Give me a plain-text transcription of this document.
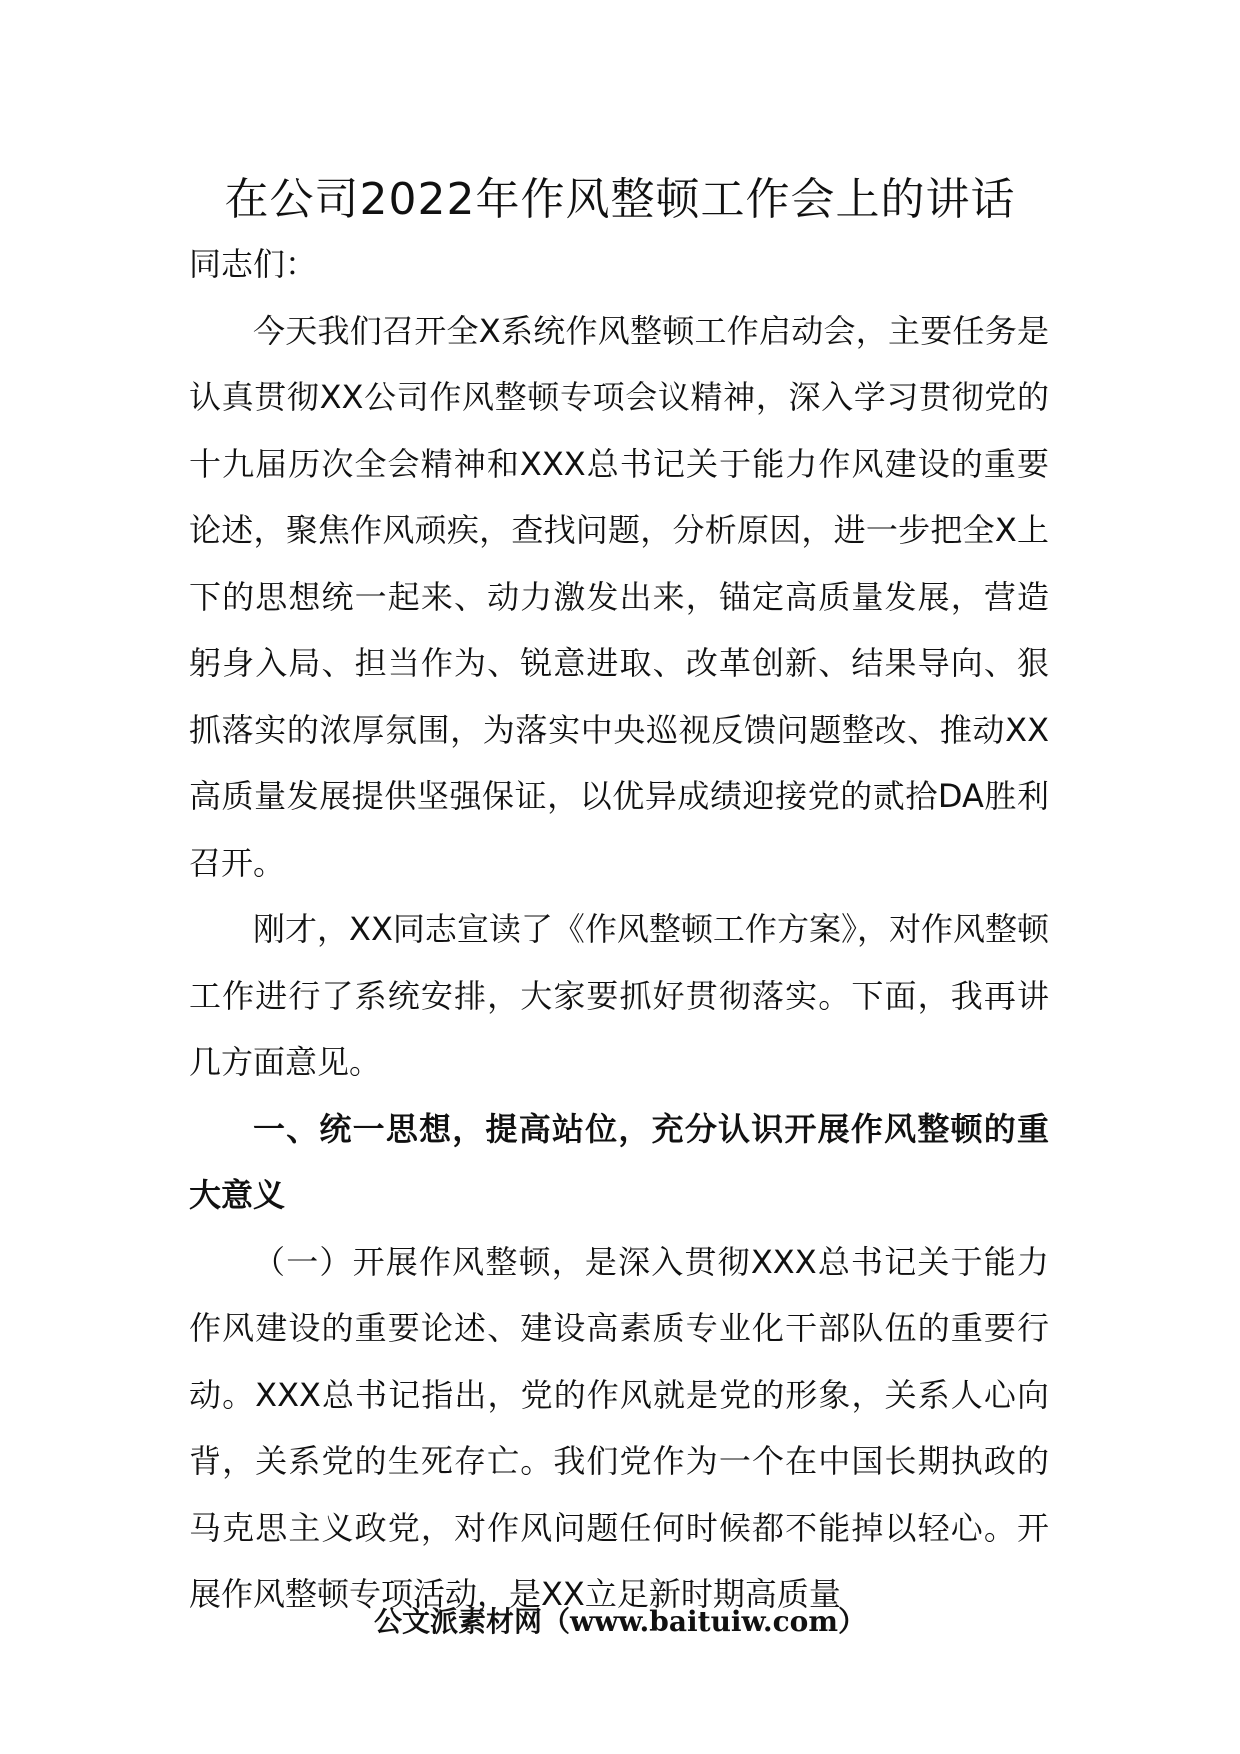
在公司2022年作风整顿工作会上的讲话

同志们：

今天我们召开全X系统作风整顿工作启动会，主要任务是认真贯彻XX公司作风整顿专项会议精神，深入学习贯彻党的十九届历次全会精神和XXX总书记关于能力作风建设的重要论述，聚焦作风顽疾，查找问题，分析原因，进一步把全X上下的思想统一起来、动力激发出来，锚定高质量发展，营造躬身入局、担当作为、锐意进取、改革创新、结果导向、狠抓落实的浓厚氛围，为落实中央巡视反馈问题整改、推动XX高质量发展提供坚强保证，以优异成绩迎接党的贰拾DA胜利召开。

刚才，XX同志宣读了《作风整顿工作方案》，对作风整顿工作进行了系统安排，大家要抓好贯彻落实。下面，我再讲几方面意见。

一、统一思想，提高站位，充分认识开展作风整顿的重大意义

（一）开展作风整顿，是深入贯彻XXX总书记关于能力作风建设的重要论述、建设高素质专业化干部队伍的重要行动。XXX总书记指出，党的作风就是党的形象，关系人心向背，关系党的生死存亡。我们党作为一个在中国长期执政的马克思主义政党，对作风问题任何时候都不能掉以轻心。开展作风整顿专项活动，是XX立足新时期高质量

公文派素材网（www.baituiw.com）
